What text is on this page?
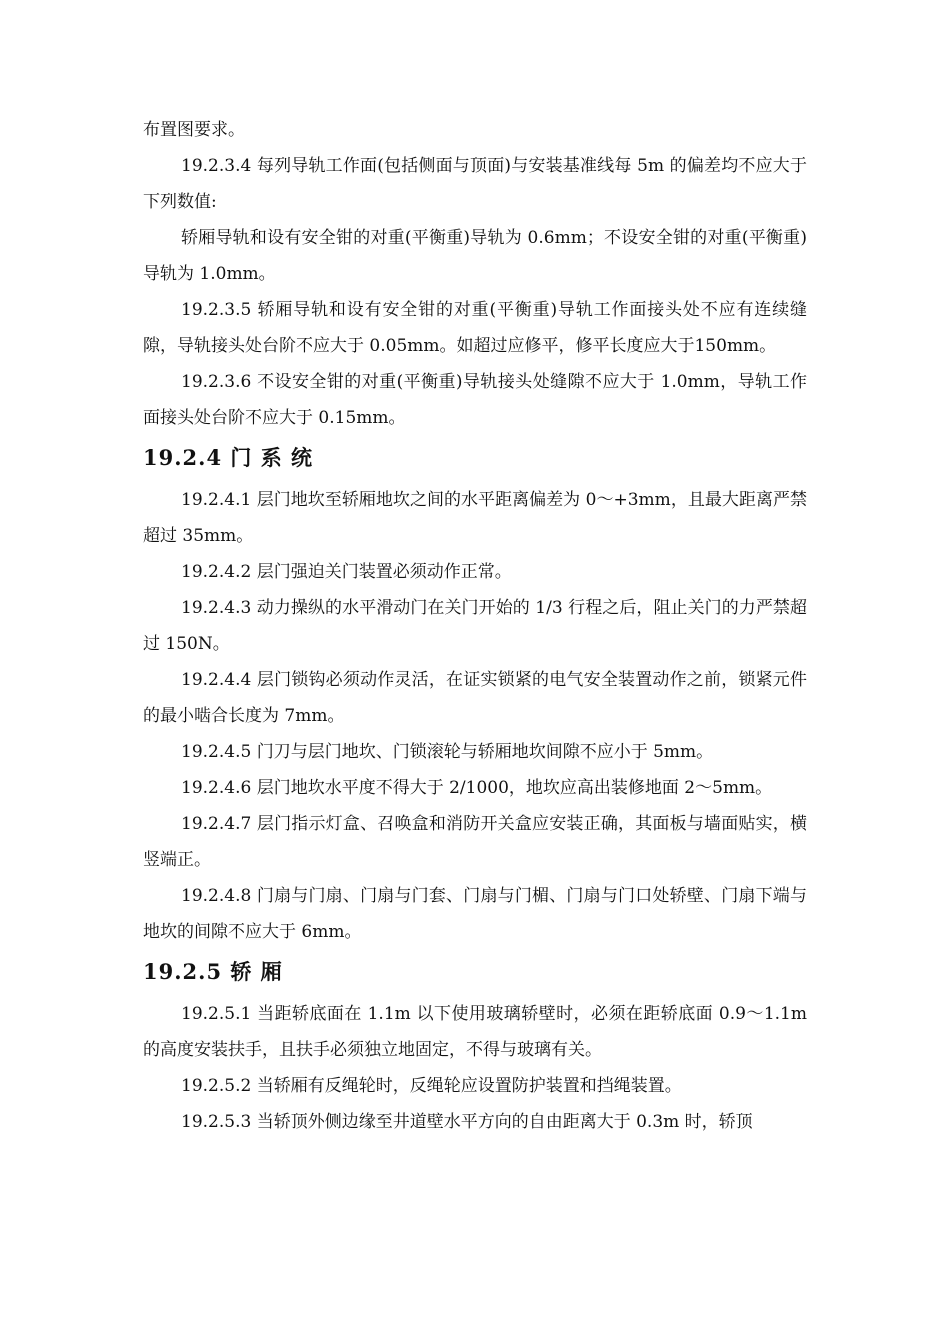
布置图要求。

19.2.3.4 每列导轨工作面(包括侧面与顶面)与安装基准线每 5m 的偏差均不应大于下列数值:

轿厢导轨和设有安全钳的对重(平衡重)导轨为 0.6mm；不设安全钳的对重(平衡重)导轨为 1.0mm。

19.2.3.5 轿厢导轨和设有安全钳的对重(平衡重)导轨工作面接头处不应有连续缝隙，导轨接头处台阶不应大于 0.05mm。如超过应修平，修平长度应大于150mm。

19.2.3.6 不设安全钳的对重(平衡重)导轨接头处缝隙不应大于 1.0mm，导轨工作面接头处台阶不应大于 0.15mm。

19.2.4 门 系 统

19.2.4.1 层门地坎至轿厢地坎之间的水平距离偏差为 0～+3mm，且最大距离严禁超过 35mm。

19.2.4.2 层门强迫关门装置必须动作正常。

19.2.4.3 动力操纵的水平滑动门在关门开始的 1/3 行程之后，阻止关门的力严禁超过 150N。

19.2.4.4 层门锁钩必须动作灵活，在证实锁紧的电气安全装置动作之前，锁紧元件的最小啮合长度为 7mm。

19.2.4.5 门刀与层门地坎、门锁滚轮与轿厢地坎间隙不应小于 5mm。

19.2.4.6 层门地坎水平度不得大于 2/1000，地坎应高出装修地面 2～5mm。

19.2.4.7 层门指示灯盒、召唤盒和消防开关盒应安装正确，其面板与墙面贴实，横竖端正。

19.2.4.8 门扇与门扇、门扇与门套、门扇与门楣、门扇与门口处轿壁、门扇下端与地坎的间隙不应大于 6mm。

19.2.5 轿 厢

19.2.5.1 当距轿底面在 1.1m 以下使用玻璃轿壁时，必须在距轿底面 0.9～1.1m 的高度安装扶手，且扶手必须独立地固定，不得与玻璃有关。

19.2.5.2 当轿厢有反绳轮时，反绳轮应设置防护装置和挡绳装置。

19.2.5.3 当轿顶外侧边缘至井道壁水平方向的自由距离大于 0.3m 时，轿顶
